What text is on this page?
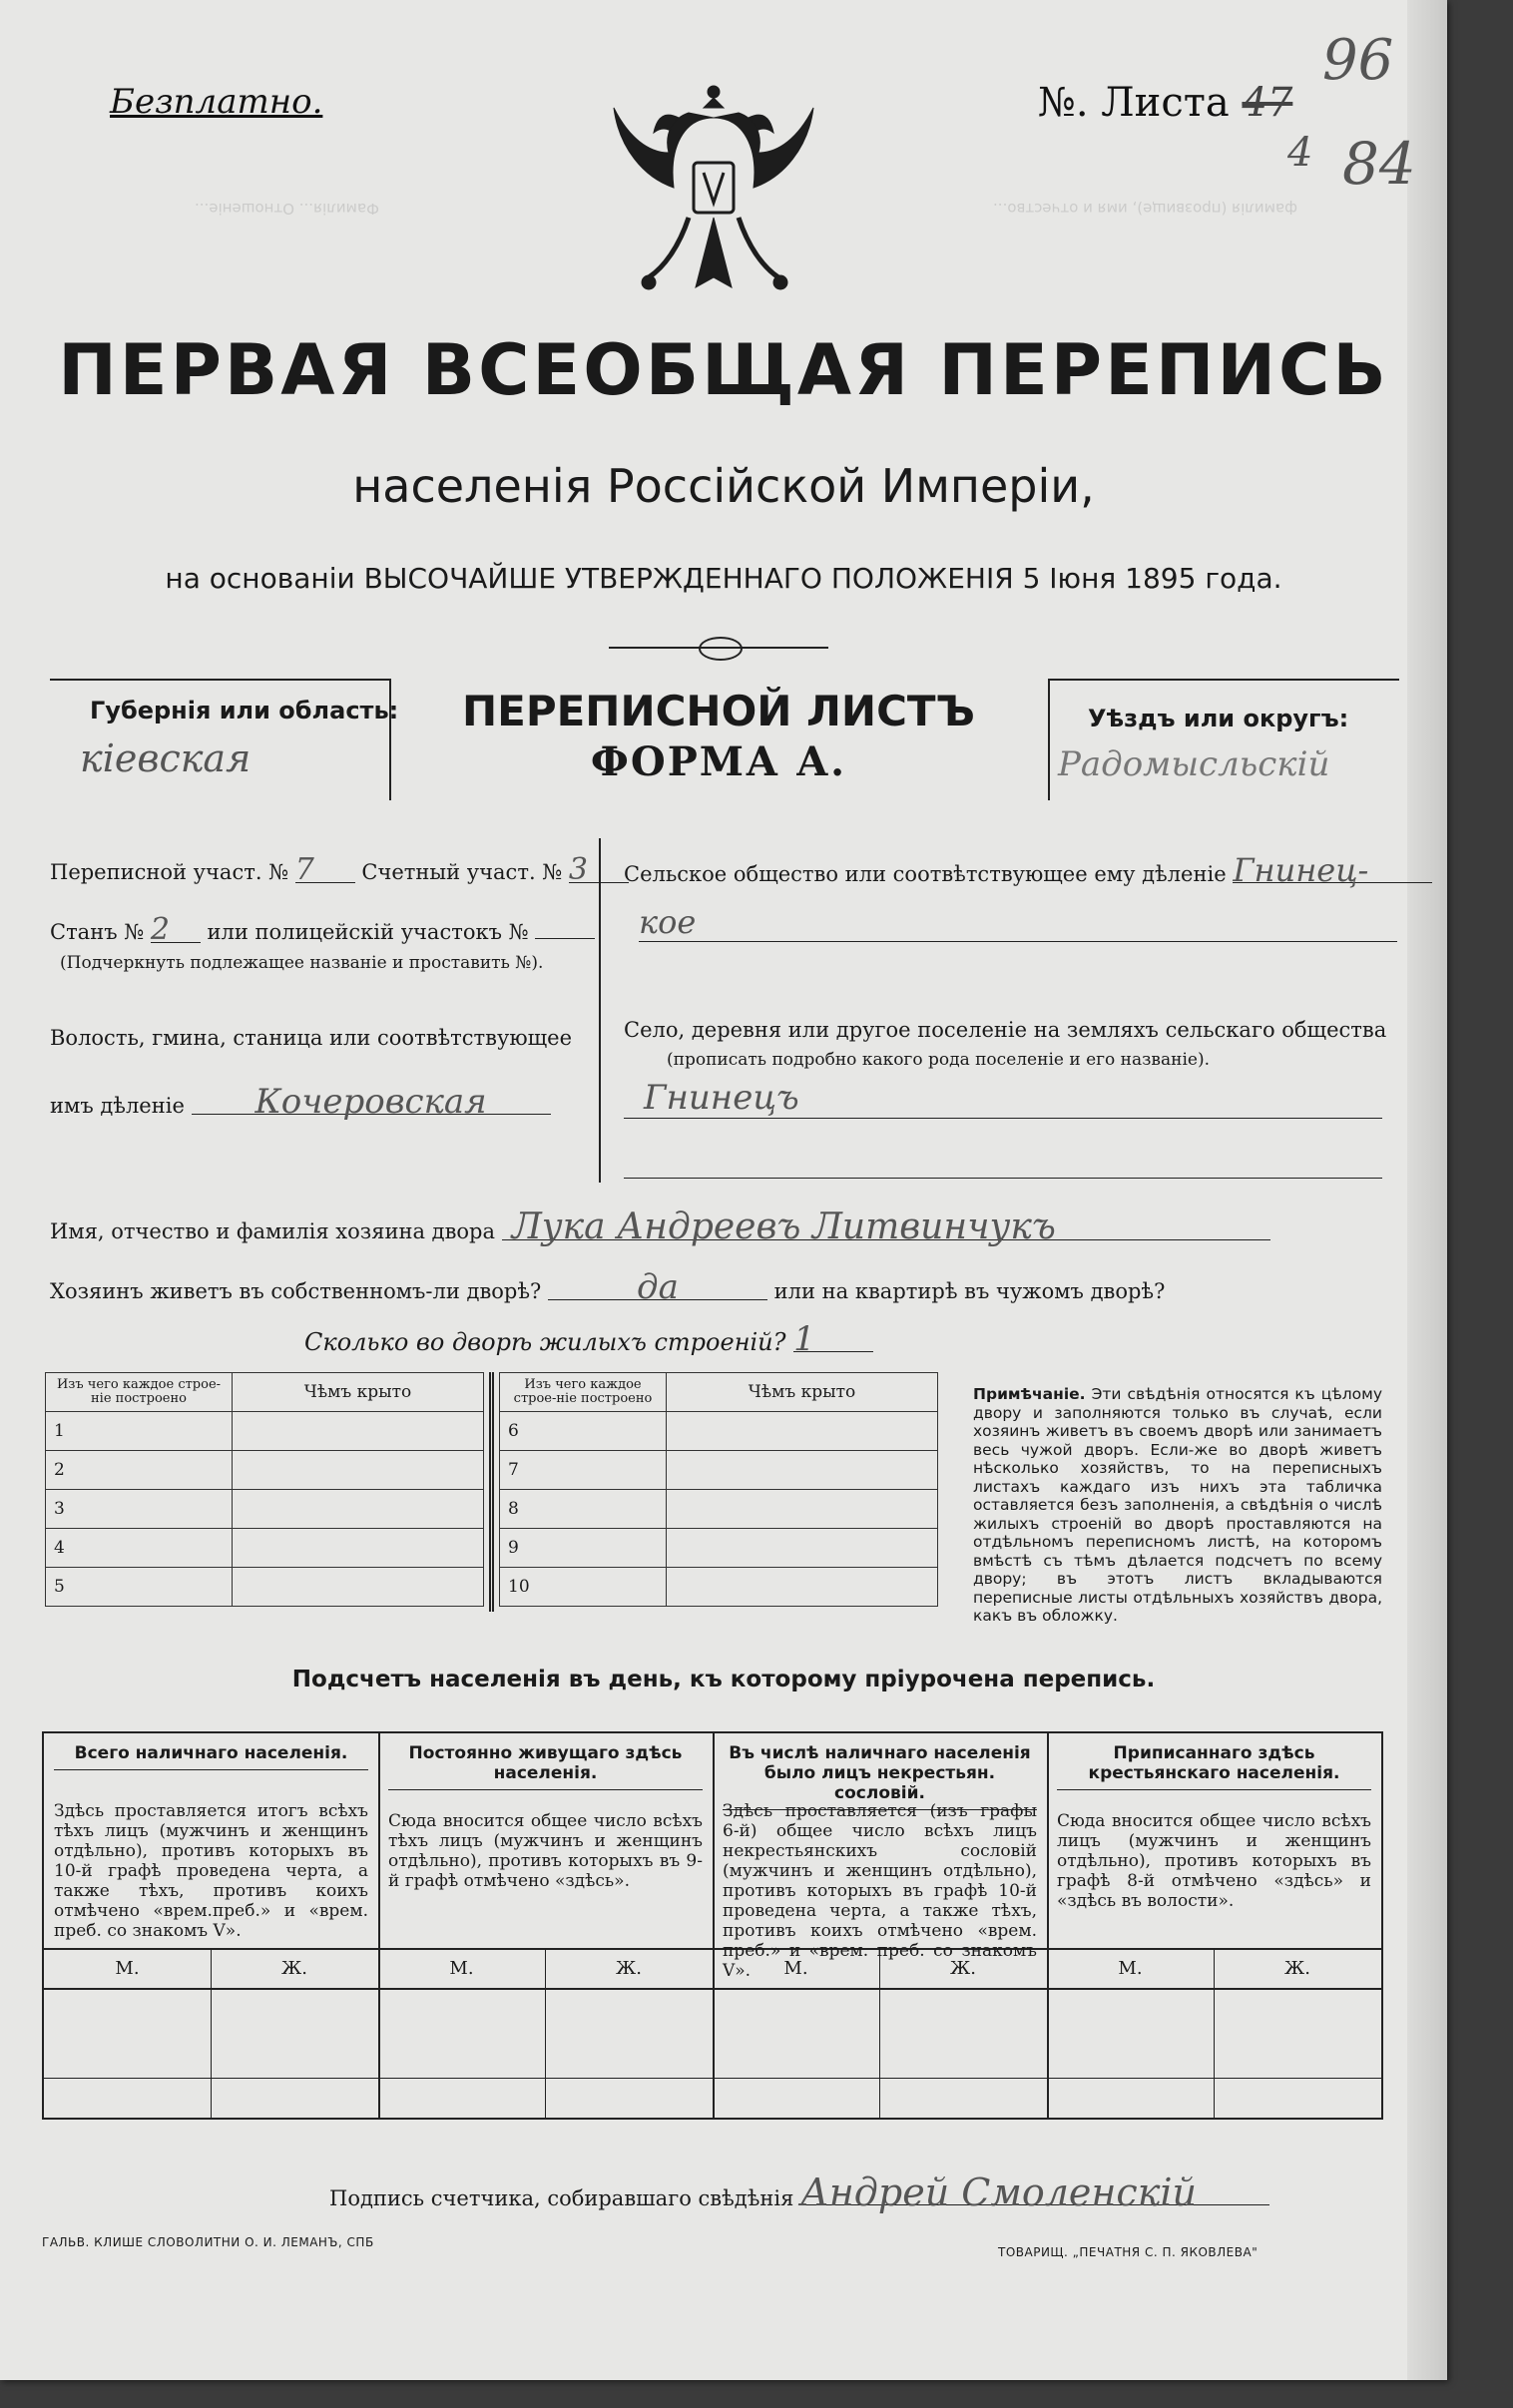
Фамилія... Отношеніе...	фамилія (прозвище), имя и отчество...
Безплатно.	№. Листа 47
96
4 84
ПЕРВАЯ ВСЕОБЩАЯ ПЕРЕПИСЬ
населенія Россійской Имперіи,
на основаніи ВЫСОЧАЙШЕ УТВЕРЖДЕННАГО ПОЛОЖЕНІЯ 5 Іюня 1895 года.
Губернія или область:
кіевская
ПЕРЕПИСНОЙ ЛИСТЪ
ФОРМА А.
Уѣздъ или округъ:
Радомысльскій
Переписной участ. № 7 Счетный участ. № 3
Станъ № 2 или полицейскій участокъ №
(Подчеркнуть подлежащее названіе и проставить №).
Волость, гмина, станица или соотвѣтствующее
имъ дѣленіе Кочеровская
Сельское общество или соотвѣтствующее ему дѣленіе Гнинец-
кое
Село, деревня или другое поселеніе на земляхъ сельскаго общества
(прописать подробно какого рода поселеніе и его названіе).
Гнинецъ
Имя, отчество и фамилія хозяина двора Лука Андреевъ Литвинчукъ
Хозяинъ живетъ въ собственномъ-ли дворѣ?	да	или на квартирѣ въ чужомъ дворѣ?
Сколько во дворѣ жилыхъ строеній? 1
Изъ чего каждое строе-ніе построено	Чѣмъ крыто
1	
2	
3	
4	
5	
Изъ чего каждое строе-ніе построено	Чѣмъ крыто
6	
7	
8	
9	
10	
Примѣчаніе. Эти свѣдѣнія относятся къ цѣлому двору и заполняются только въ случаѣ, если хозяинъ живетъ въ своемъ дворѣ или занимаетъ весь чужой дворъ. Если-же во дворѣ живетъ нѣсколько хозяйствъ, то на переписныхъ листахъ каждаго изъ нихъ эта табличка оставляется безъ заполненія, а свѣдѣнія о числѣ жилыхъ строеній во дворѣ проставляются на отдѣльномъ переписномъ листѣ, на которомъ вмѣстѣ съ тѣмъ дѣлается подсчетъ по всему двору; въ этотъ листъ вкладываются переписные листы отдѣльныхъ хозяйствъ двора, какъ въ обложку.
Подсчетъ населенія въ день, къ которому пріурочена перепись.
Всего наличнаго населенія.
Здѣсь проставляется итогъ всѣхъ тѣхъ лицъ (мужчинъ и женщинъ отдѣльно), противъ которыхъ въ 10-й графѣ проведена черта, а также тѣхъ, противъ коихъ отмѣчено «врем.преб.» и «врем. преб. со знакомъ V».
Постоянно живущаго здѣсь населенія.
Сюда вносится общее число всѣхъ тѣхъ лицъ (мужчинъ и женщинъ отдѣльно), противъ которыхъ въ 9-й графѣ отмѣчено «здѣсь».
Въ числѣ наличнаго населенія было лицъ некрестьян. сословій.
Здѣсь проставляется (изъ графы 6-й) общее число всѣхъ лицъ некрестьянскихъ сословій (мужчинъ и женщинъ отдѣльно), противъ которыхъ въ графѣ 10-й проведена черта, а также тѣхъ, противъ коихъ отмѣчено «врем. преб.» и «врем. преб. со знакомъ V».
Приписаннаго здѣсь крестьянскаго населенія.
Сюда вносится общее число всѣхъ лицъ (мужчинъ и женщинъ отдѣльно), противъ которыхъ въ графѣ 8-й отмѣчено «здѣсь» и «здѣсь въ волости».
М.	Ж.	М.	Ж.	М.	Ж.	М.	Ж.
Подпись счетчика, собиравшаго свѣдѣнія Андрей Смоленскій
ГАЛЬВ. КЛИШЕ СЛОВОЛИТНИ О. И. ЛЕМАНЪ, СПБ
ТОВАРИЩ. „ПЕЧАТНЯ С. П. ЯКОВЛЕВА"
